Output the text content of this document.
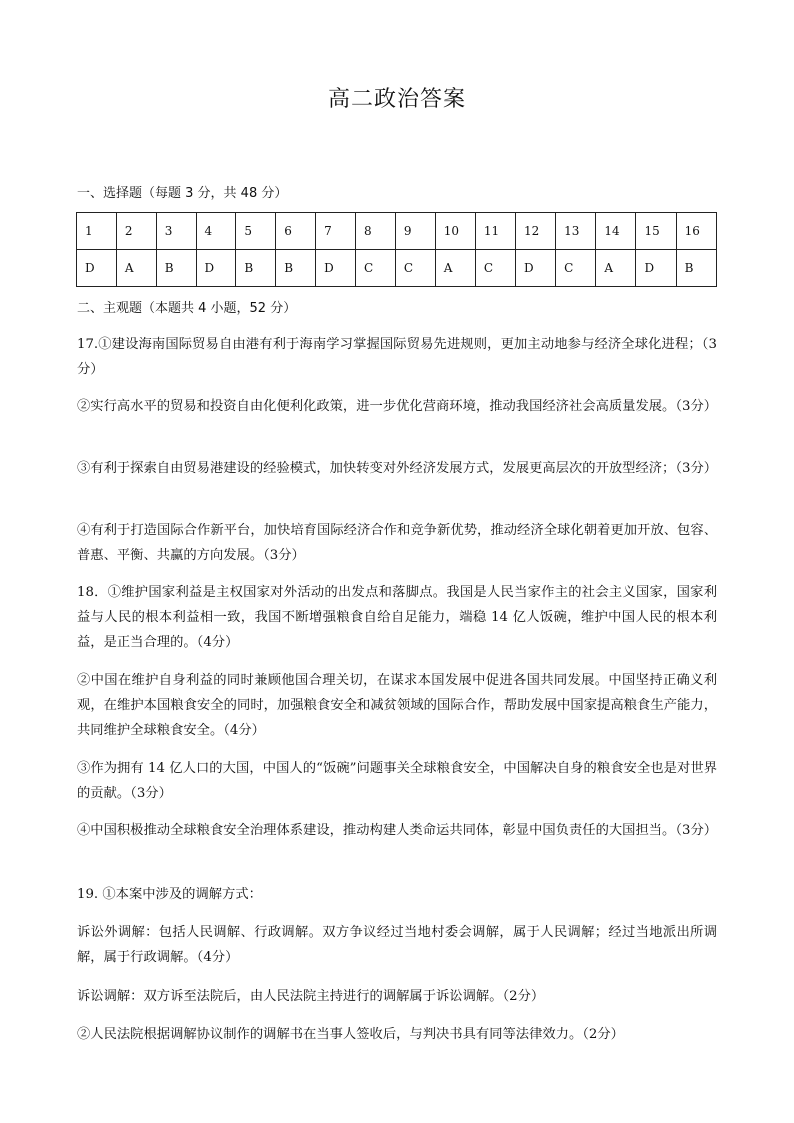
高二政治答案
一、选择题（每题 3 分，共 48 分）
1	2	3	4	5	6	7	8	9	10	11	12	13	14	15	16
D	A	B	D	B	B	D	C	C	A	C	D	C	A	D	B
二、主观题（本题共 4 小题，52 分）
17.①建设海南国际贸易自由港有利于海南学习掌握国际贸易先进规则，更加主动地参与经济全球化进程；（3分）
②实行高水平的贸易和投资自由化便利化政策，进一步优化营商环境，推动我国经济社会高质量发展。（3分）
③有利于探索自由贸易港建设的经验模式，加快转变对外经济发展方式，发展更高层次的开放型经济；（3分）
④有利于打造国际合作新平台，加快培育国际经济合作和竞争新优势，推动经济全球化朝着更加开放、包容、普惠、平衡、共赢的方向发展。（3分）
18．①维护国家利益是主权国家对外活动的出发点和落脚点。我国是人民当家作主的社会主义国家，国家利益与人民的根本利益相一致，我国不断增强粮食自给自足能力，端稳 14 亿人饭碗，维护中国人民的根本利益，是正当合理的。（4分）
②中国在维护自身利益的同时兼顾他国合理关切，在谋求本国发展中促进各国共同发展。中国坚持正确义利观，在维护本国粮食安全的同时，加强粮食安全和减贫领域的国际合作，帮助发展中国家提高粮食生产能力，共同维护全球粮食安全。（4分）
③作为拥有 14 亿人口的大国，中国人的“饭碗”问题事关全球粮食安全，中国解决自身的粮食安全也是对世界的贡献。（3分）
④中国积极推动全球粮食安全治理体系建设，推动构建人类命运共同体，彰显中国负责任的大国担当。（3分）
19. ①本案中涉及的调解方式：
诉讼外调解：包括人民调解、行政调解。双方争议经过当地村委会调解，属于人民调解；经过当地派出所调解，属于行政调解。（4分）
诉讼调解：双方诉至法院后，由人民法院主持进行的调解属于诉讼调解。（2分）
②人民法院根据调解协议制作的调解书在当事人签收后，与判决书具有同等法律效力。（2分）
